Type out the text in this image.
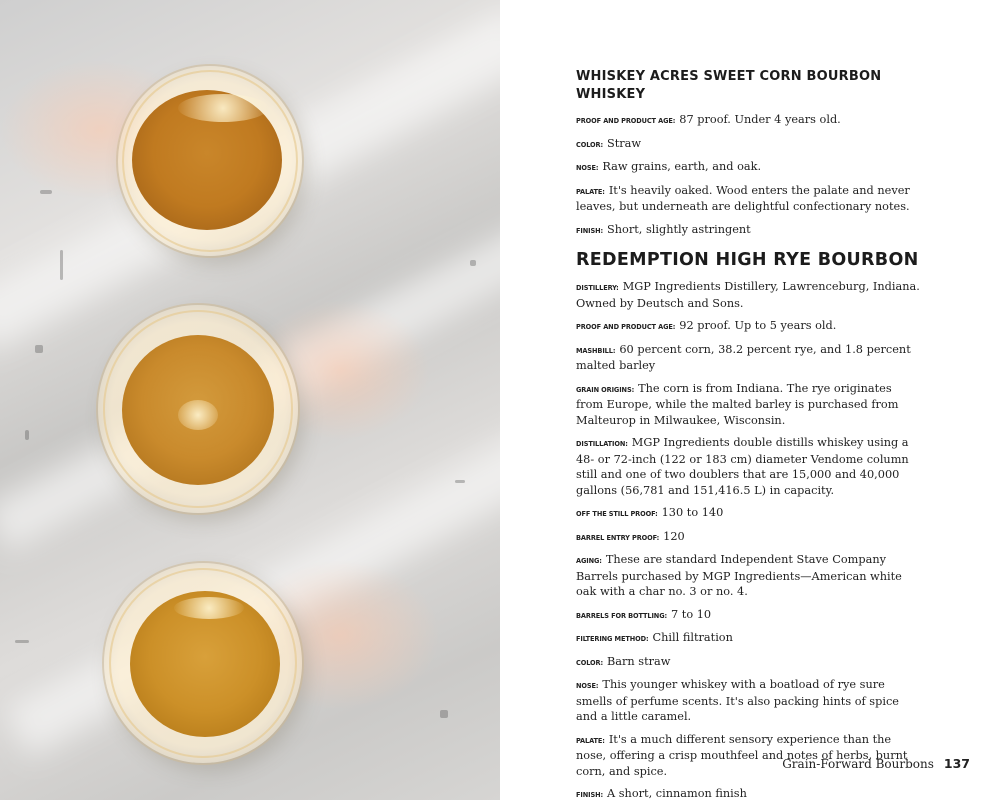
WHISKEY ACRES SWEET CORN BOURBON WHISKEY
PROOF AND PRODUCT AGE: 87 proof. Under 4 years old.
COLOR: Straw
NOSE: Raw grains, earth, and oak.
PALATE: It's heavily oaked. Wood enters the palate and never leaves, but underneath are delightful confectionary notes.
FINISH: Short, slightly astringent
REDEMPTION HIGH RYE BOURBON
DISTILLERY: MGP Ingredients Distillery, Lawrenceburg, Indiana. Owned by Deutsch and Sons.
PROOF AND PRODUCT AGE: 92 proof. Up to 5 years old.
MASHBILL: 60 percent corn, 38.2 percent rye, and 1.8 percent malted barley
GRAIN ORIGINS: The corn is from Indiana. The rye originates from Europe, while the malted barley is purchased from Malteurop in Milwaukee, Wisconsin.
DISTILLATION: MGP Ingredients double distills whiskey using a 48- or 72-inch (122 or 183 cm) diameter Vendome column still and one of two doublers that are 15,000 and 40,000 gallons (56,781 and 151,416.5 L) in capacity.
OFF THE STILL PROOF: 130 to 140
BARREL ENTRY PROOF: 120
AGING: These are standard Independent Stave Company Barrels purchased by MGP Ingredients—American white oak with a char no. 3 or no. 4.
BARRELS FOR BOTTLING: 7 to 10
FILTERING METHOD: Chill filtration
COLOR: Barn straw
NOSE: This younger whiskey with a boatload of rye sure smells of perfume scents. It's also packing hints of spice and a little caramel.
PALATE: It's a much different sensory experience than the nose, offering a crisp mouthfeel and notes of herbs, burnt corn, and spice.
FINISH: A short, cinnamon finish
Grain-Forward Bourbons 137
